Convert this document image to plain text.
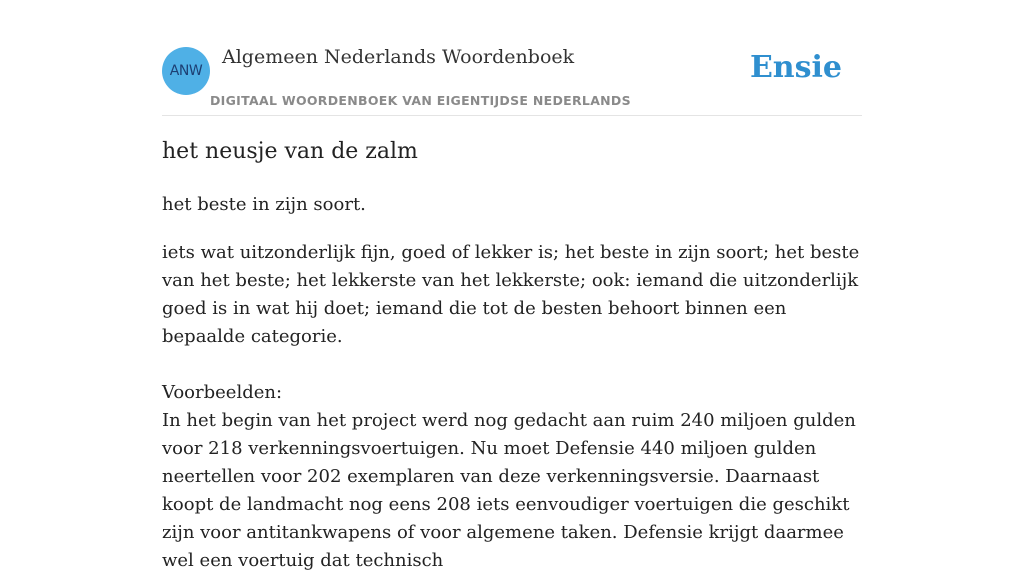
ANW
Algemeen Nederlands Woordenboek
DIGITAAL WOORDENBOEK VAN EIGENTIJDSE NEDERLANDS
Ensie
het neusje van de zalm
het beste in zijn soort.

iets wat uitzonderlijk fijn, goed of lekker is; het beste in zijn soort; het beste van het beste; het lekkerste van het lekkerste; ook: iemand die uitzonderlijk goed is in wat hij doet; iemand die tot de besten behoort binnen een bepaalde categorie.

Voorbeelden:

In het begin van het project werd nog gedacht aan ruim 240 miljoen gulden voor 218 verkenningsvoertuigen. Nu moet Defensie 440 miljoen gulden neertellen voor 202 exemplaren van deze verkenningsversie. Daarnaast koopt de landmacht nog eens 208 iets eenvoudiger voertuigen die geschikt zijn voor antitankwapens of voor algemene taken. Defensie krijgt daarmee wel een voertuig dat technisch
